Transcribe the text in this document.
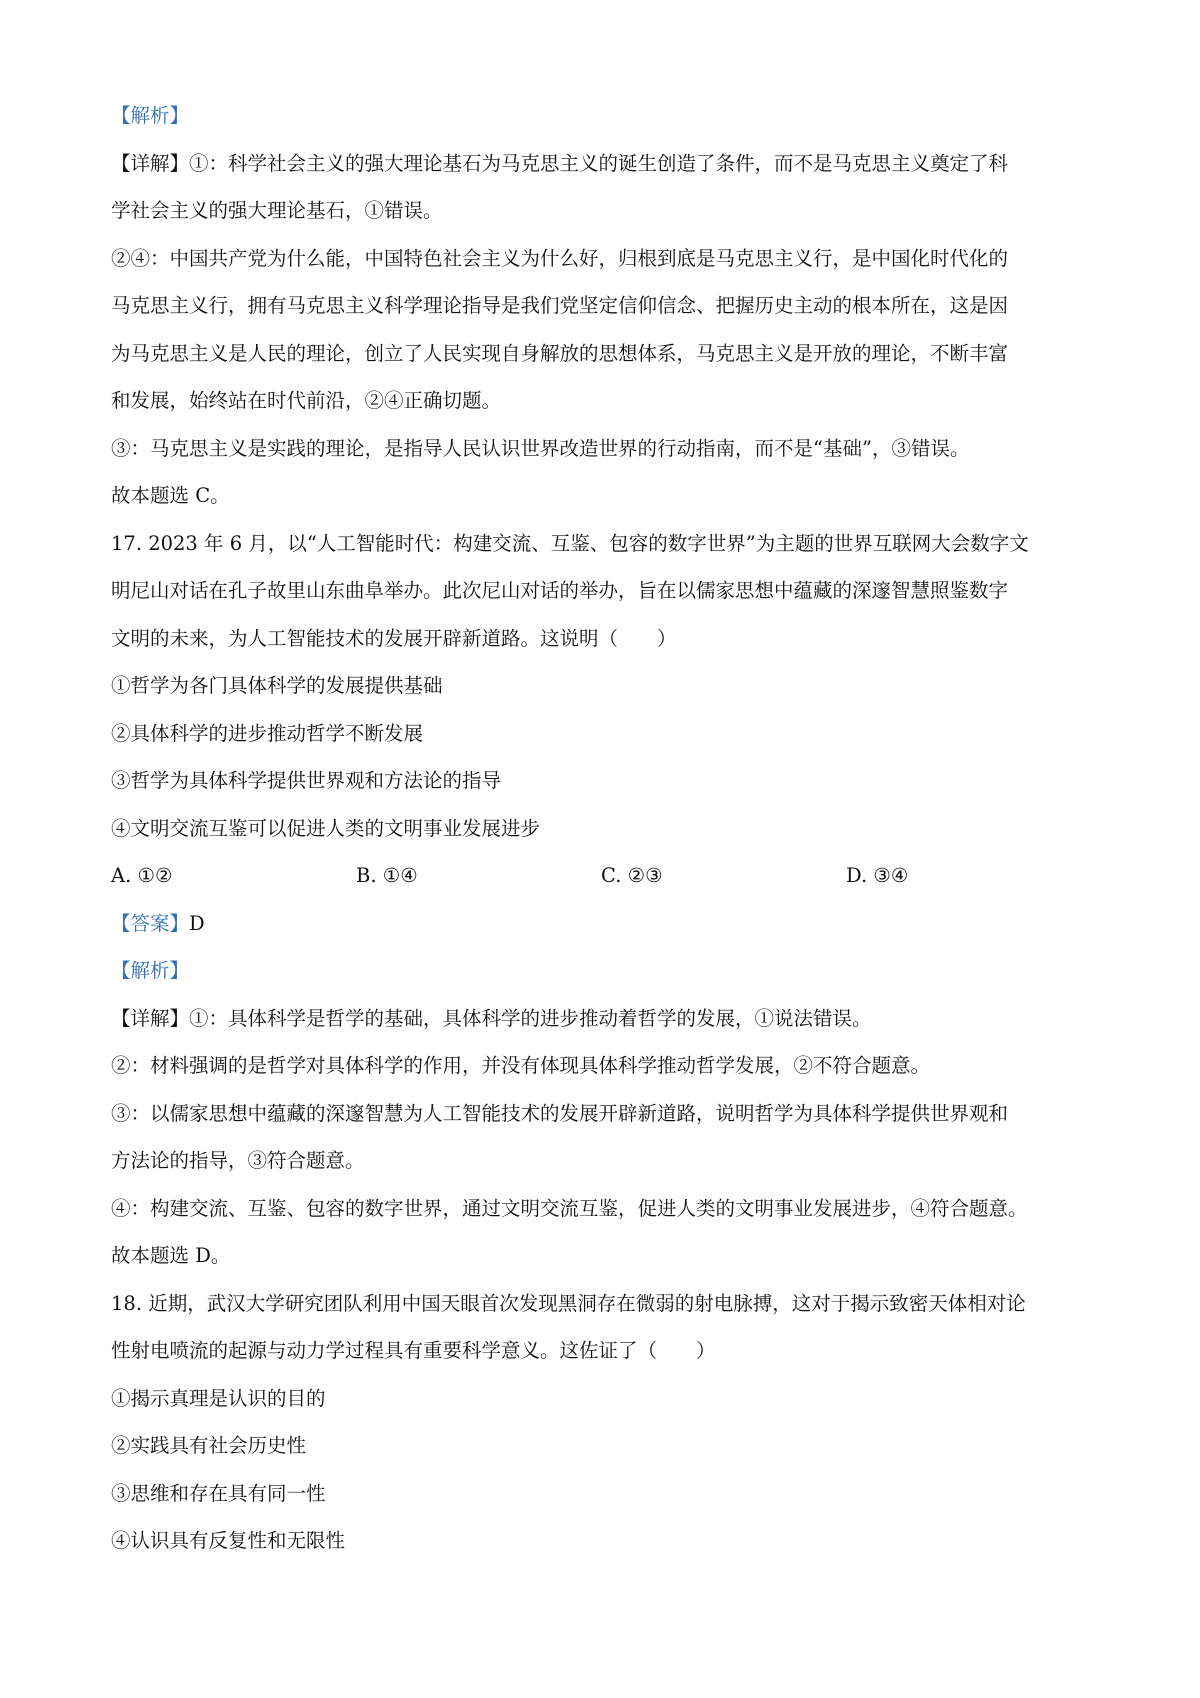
【解析】
【详解】①：科学社会主义的强大理论基石为马克思主义的诞生创造了条件，而不是马克思主义奠定了科
学社会主义的强大理论基石，①错误。
②④：中国共产党为什么能，中国特色社会主义为什么好，归根到底是马克思主义行，是中国化时代化的
马克思主义行，拥有马克思主义科学理论指导是我们党坚定信仰信念、把握历史主动的根本所在，这是因
为马克思主义是人民的理论，创立了人民实现自身解放的思想体系，马克思主义是开放的理论，不断丰富
和发展，始终站在时代前沿，②④正确切题。
③：马克思主义是实践的理论，是指导人民认识世界改造世界的行动指南，而不是“基础”，③错误。
故本题选 C。
17. 2023 年 6 月，以“人工智能时代：构建交流、互鉴、包容的数字世界”为主题的世界互联网大会数字文
明尼山对话在孔子故里山东曲阜举办。此次尼山对话的举办，旨在以儒家思想中蕴藏的深邃智慧照鉴数字
文明的未来，为人工智能技术的发展开辟新道路。这说明（　　）
①哲学为各门具体科学的发展提供基础
②具体科学的进步推动哲学不断发展
③哲学为具体科学提供世界观和方法论的指导
④文明交流互鉴可以促进人类的文明事业发展进步
A. ①②	B. ①④	C. ②③	D. ③④
【答案】D
【解析】
【详解】①：具体科学是哲学的基础，具体科学的进步推动着哲学的发展，①说法错误。
②：材料强调的是哲学对具体科学的作用，并没有体现具体科学推动哲学发展，②不符合题意。
③：以儒家思想中蕴藏的深邃智慧为人工智能技术的发展开辟新道路，说明哲学为具体科学提供世界观和
方法论的指导，③符合题意。
④：构建交流、互鉴、包容的数字世界，通过文明交流互鉴，促进人类的文明事业发展进步，④符合题意。
故本题选 D。
18. 近期，武汉大学研究团队利用中国天眼首次发现黑洞存在微弱的射电脉搏，这对于揭示致密天体相对论
性射电喷流的起源与动力学过程具有重要科学意义。这佐证了（　　）
①揭示真理是认识的目的
②实践具有社会历史性
③思维和存在具有同一性
④认识具有反复性和无限性
